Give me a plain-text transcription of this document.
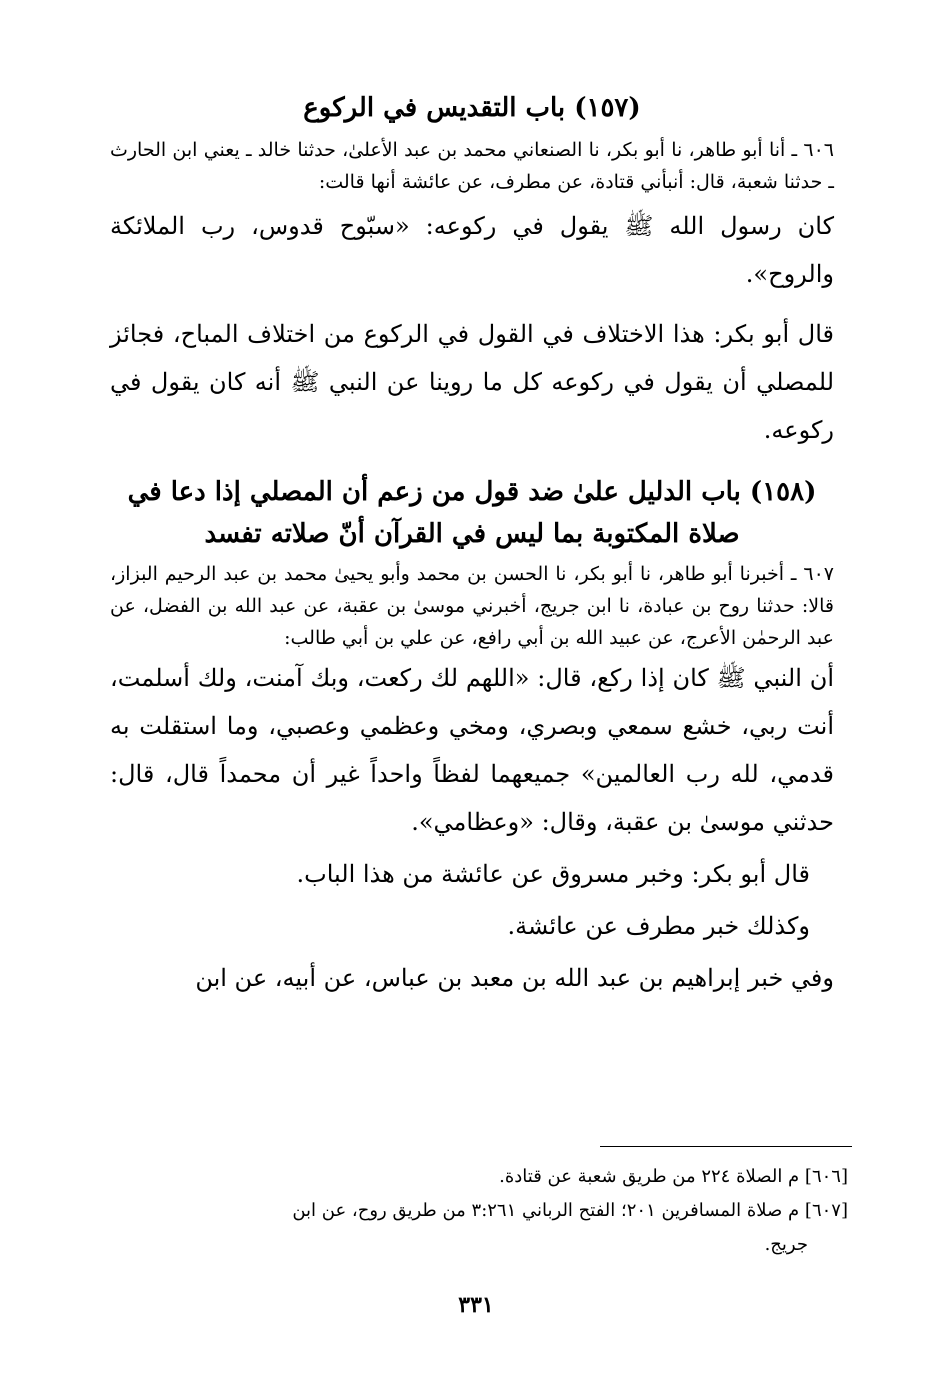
(١٥٧) باب التقديس في الركوع

٦٠٦ ـ أنا أبو طاهر، نا أبو بكر، نا الصنعاني محمد بن عبد الأعلىٰ، حدثنا خالد ـ يعني ابن الحارث ـ حدثنا شعبة، قال: أنبأني قتادة، عن مطرف، عن عائشة أنها قالت:

كان رسول الله ﷺ يقول في ركوعه: «سبّوح قدوس، رب الملائكة والروح».

قال أبو بكر: هذا الاختلاف في القول في الركوع من اختلاف المباح، فجائز للمصلي أن يقول في ركوعه كل ما روينا عن النبي ﷺ أنه كان يقول في ركوعه.

(١٥٨) باب الدليل علىٰ ضد قول من زعم أن المصلي إذا دعا في
صلاة المكتوبة بما ليس في القرآن أنّ صلاته تفسد

٦٠٧ ـ أخبرنا أبو طاهر، نا أبو بكر، نا الحسن بن محمد وأبو يحيىٰ محمد بن عبد الرحيم البزاز، قالا: حدثنا روح بن عبادة، نا ابن جريج، أخبرني موسىٰ بن عقبة، عن عبد الله بن الفضل، عن عبد الرحمٰن الأعرج، عن عبيد الله بن أبي رافع، عن علي بن أبي طالب:

أن النبي ﷺ كان إذا ركع، قال: «اللهم لك ركعت، وبك آمنت، ولك أسلمت، أنت ربي، خشع سمعي وبصري، ومخي وعظمي وعصبي، وما استقلت به قدمي، لله رب العالمين» جميعهما لفظاً واحداً غير أن محمداً قال، قال: حدثني موسىٰ بن عقبة، وقال: «وعظامي».

قال أبو بكر: وخبر مسروق عن عائشة من هذا الباب.

وكذلك خبر مطرف عن عائشة.

وفي خبر إبراهيم بن عبد الله بن معبد بن عباس، عن أبيه، عن ابن

[٦٠٦] م الصلاة ٢٢٤ من طريق شعبة عن قتادة.

[٦٠٧] م صلاة المسافرين ٢٠١؛ الفتح الرباني ٣:٢٦١ من طريق روح، عن ابن

جريج.

٣٣١
